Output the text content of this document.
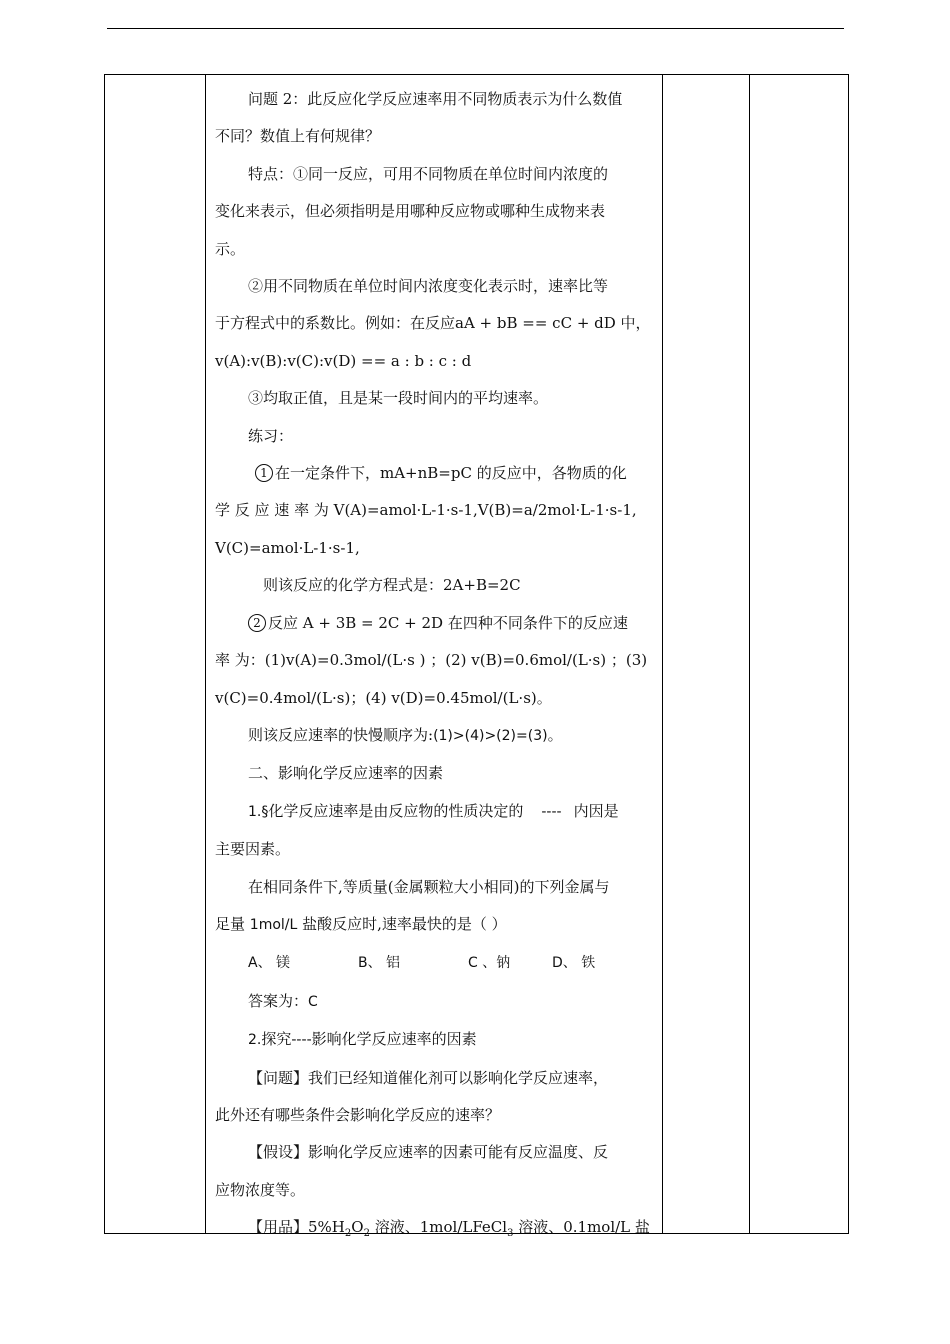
问题 2：此反应化学反应速率用不同物质表示为什么数值

不同？数值上有何规律？

特点：①同一反应，可用不同物质在单位时间内浓度的

变化来表示，但必须指明是用哪种反应物或哪种生成物来表

示。

②用不同物质在单位时间内浓度变化表示时，速率比等

于方程式中的系数比。例如：在反应aA + bB == cC + dD 中，

v(A):v(B):v(C):v(D) == a : b : c : d

③均取正值，且是某一段时间内的平均速率。

练习：

1 在一定条件下，mA+nB=pC 的反应中，各物质的化

学 反 应 速 率 为 V(A)=amol·L-1·s-1,V(B)=a/2mol·L-1·s-1,

V(C)=amol·L-1·s-1,

则该反应的化学方程式是：2A+B=2C

2 反应 A + 3B = 2C + 2D 在四种不同条件下的反应速

率 为：(1)v(A)=0.3mol/(L·s ) ；(2) v(B)=0.6mol/(L·s) ；(3)

v(C)=0.4mol/(L·s)；(4) v(D)=0.45mol/(L·s)。

则该反应速率的快慢顺序为:(1)>(4)>(2)=(3)。

二、影响化学反应速率的因素

1.§化学反应速率是由反应物的性质决定的 ---- 内因是

主要因素。

在相同条件下,等质量(金属颗粒大小相同)的下列金属与

足量 1mol/L 盐酸反应时,速率最快的是（ ）

A、 镁	B、 铝	C 、钠	D、 铁

答案为：C

2.探究----影响化学反应速率的因素

【问题】我们已经知道催化剂可以影响化学反应速率，

此外还有哪些条件会影响化学反应的速率？

【假设】影响化学反应速率的因素可能有反应温度、反

应物浓度等。

【用品】$5\%H_2O_2$ 溶液、1mol/LFeCl$_3$ 溶液、0.1mol/L 盐
